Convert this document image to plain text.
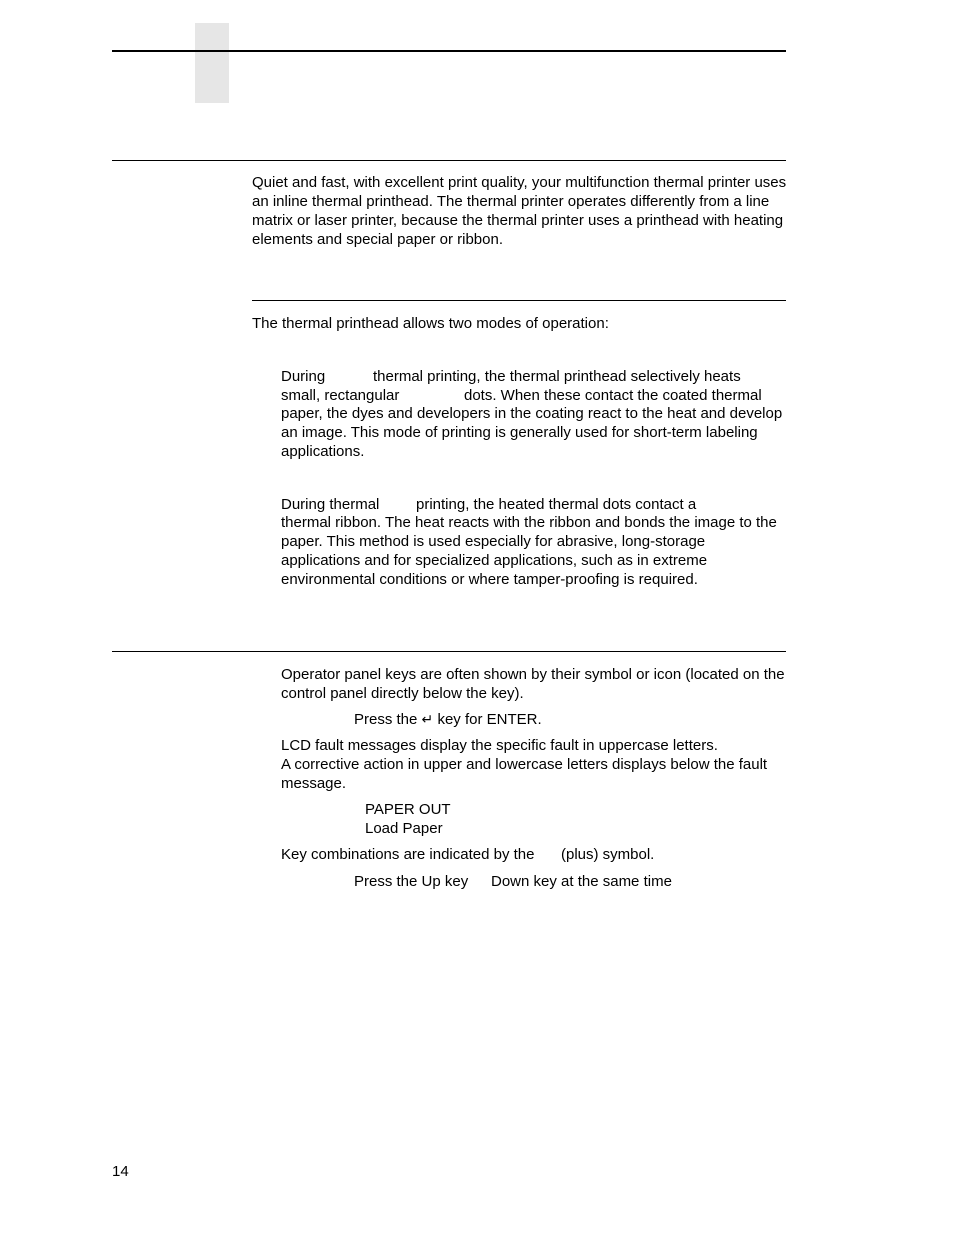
Quiet and fast, with excellent print quality, your multifunction thermal printer uses an inline thermal printhead. The thermal printer operates differently from a line matrix or laser printer, because the thermal printer uses a printhead with heating elements and special paper or ribbon.

The thermal printhead allows two modes of operation:
During	thermal printing, the thermal printhead selectively heats
small, rectangular	dots. When these contact the coated thermal

paper, the dyes and developers in the coating react to the heat and develop an image. This mode of printing is generally used for short-term labeling applications.

During thermal printing, the heated thermal dots contact a

thermal ribbon. The heat reacts with the ribbon and bonds the image to the paper. This method is used especially for abrasive, long-storage applications and for specialized applications, such as in extreme environmental conditions or where tamper-proofing is required.

Operator panel keys are often shown by their symbol or icon (located on the control panel directly below the key).

Press the ↵ key for ENTER.
LCD fault messages display the specific fault in uppercase letters.

A corrective action in upper and lowercase letters displays below the fault message.

PAPER OUT
Load Paper
Key combinations are indicated by the (plus) symbol.
Press the Up key Down key at the same time
14
